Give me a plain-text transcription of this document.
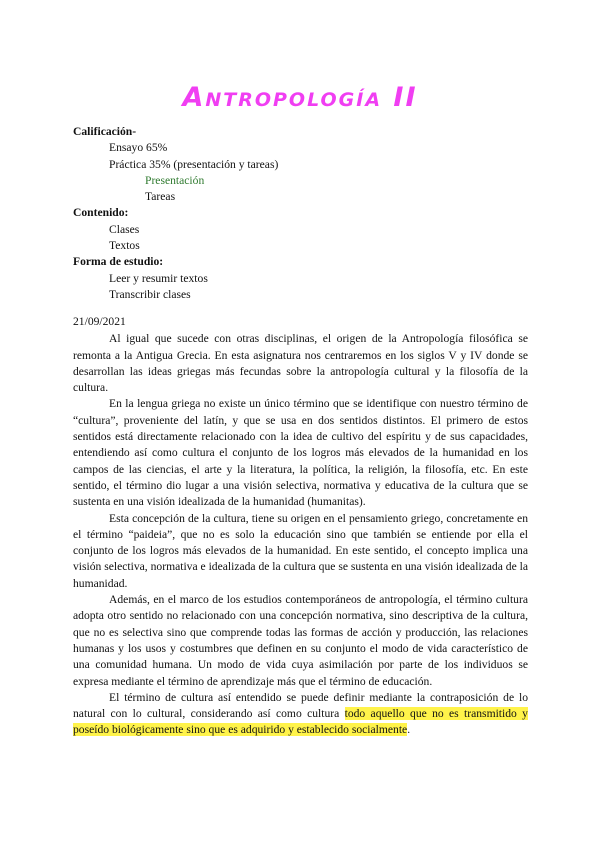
Antropología II
Calificación-
Ensayo 65%
Práctica 35% (presentación y tareas)
Presentación
Tareas
Contenido:
Clases
Textos
Forma de estudio:
Leer y resumir textos
Transcribir clases
21/09/2021

Al igual que sucede con otras disciplinas, el origen de la Antropología filosófica se remonta a la Antigua Grecia. En esta asignatura nos centraremos en los siglos V y IV donde se desarrollan las ideas griegas más fecundas sobre la antropología cultural y la filosofía de la cultura.

En la lengua griega no existe un único término que se identifique con nuestro término de “cultura”, proveniente del latín, y que se usa en dos sentidos distintos. El primero de estos sentidos está directamente relacionado con la idea de cultivo del espíritu y de sus capacidades, entendiendo así como cultura el conjunto de los logros más elevados de la humanidad en los campos de las ciencias, el arte y la literatura, la política, la religión, la filosofía, etc. En este sentido, el término dio lugar a una visión selectiva, normativa y educativa de la cultura que se sustenta en una visión idealizada de la humanidad (humanitas).

Esta concepción de la cultura, tiene su origen en el pensamiento griego, concretamente en el término “paideia”, que no es solo la educación sino que también se entiende por ella el conjunto de los logros más elevados de la humanidad. En este sentido, el concepto implica una visión selectiva, normativa e idealizada de la cultura que se sustenta en una visión idealizada de la humanidad.

Además, en el marco de los estudios contemporáneos de antropología, el término cultura adopta otro sentido no relacionado con una concepción normativa, sino descriptiva de la cultura, que no es selectiva sino que comprende todas las formas de acción y producción, las relaciones humanas y los usos y costumbres que definen en su conjunto el modo de vida característico de una comunidad humana. Un modo de vida cuya asimilación por parte de los individuos se expresa mediante el término de aprendizaje más que el término de educación.

El término de cultura así entendido se puede definir mediante la contraposición de lo natural con lo cultural, considerando así como cultura todo aquello que no es transmitido y poseído biológicamente sino que es adquirido y establecido socialmente.
